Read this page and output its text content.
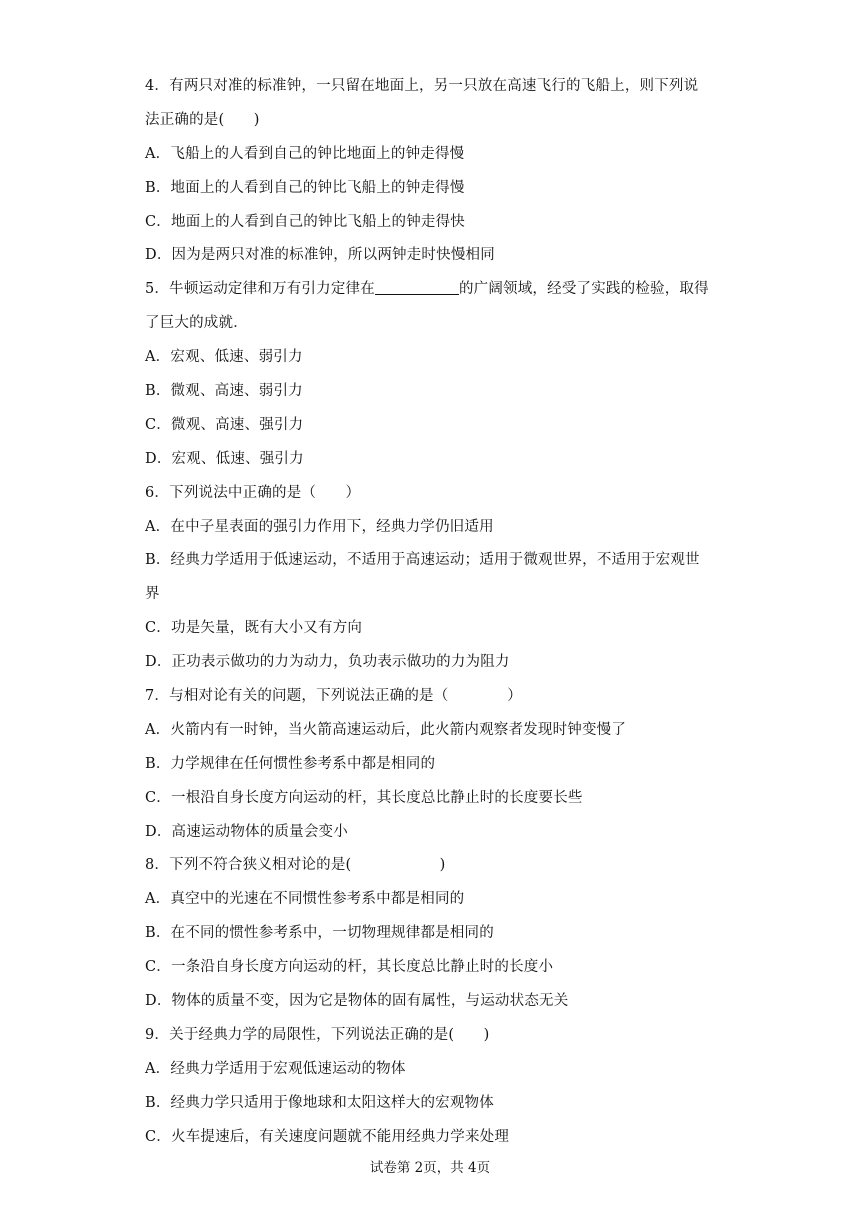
4．有两只对准的标准钟，一只留在地面上，另一只放在高速飞行的飞船上，则下列说
法正确的是(　　)
A．飞船上的人看到自己的钟比地面上的钟走得慢
B．地面上的人看到自己的钟比飞船上的钟走得慢
C．地面上的人看到自己的钟比飞船上的钟走得快
D．因为是两只对准的标准钟，所以两钟走时快慢相同
5．牛顿运动定律和万有引力定律在	的广阔领域，经受了实践的检验，取得
了巨大的成就．
A．宏观、低速、弱引力
B．微观、高速、弱引力
C．微观、高速、强引力
D．宏观、低速、强引力
6．下列说法中正确的是（　　）
A．在中子星表面的强引力作用下，经典力学仍旧适用
B．经典力学适用于低速运动，不适用于高速运动；适用于微观世界，不适用于宏观世
界
C．功是矢量，既有大小又有方向
D．正功表示做功的力为动力，负功表示做功的力为阻力
7．与相对论有关的问题，下列说法正确的是（　　　　）
A．火箭内有一时钟，当火箭高速运动后，此火箭内观察者发现时钟变慢了
B．力学规律在任何惯性参考系中都是相同的
C．一根沿自身长度方向运动的杆，其长度总比静止时的长度要长些
D．高速运动物体的质量会变小
8．下列不符合狭义相对论的是(　　　　　　)
A．真空中的光速在不同惯性参考系中都是相同的
B．在不同的惯性参考系中，一切物理规律都是相同的
C．一条沿自身长度方向运动的杆，其长度总比静止时的长度小
D．物体的质量不变，因为它是物体的固有属性，与运动状态无关
9．关于经典力学的局限性，下列说法正确的是(　　)
A．经典力学适用于宏观低速运动的物体
B．经典力学只适用于像地球和太阳这样大的宏观物体
C．火车提速后，有关速度问题就不能用经典力学来处理
试卷第 2页，共 4页
